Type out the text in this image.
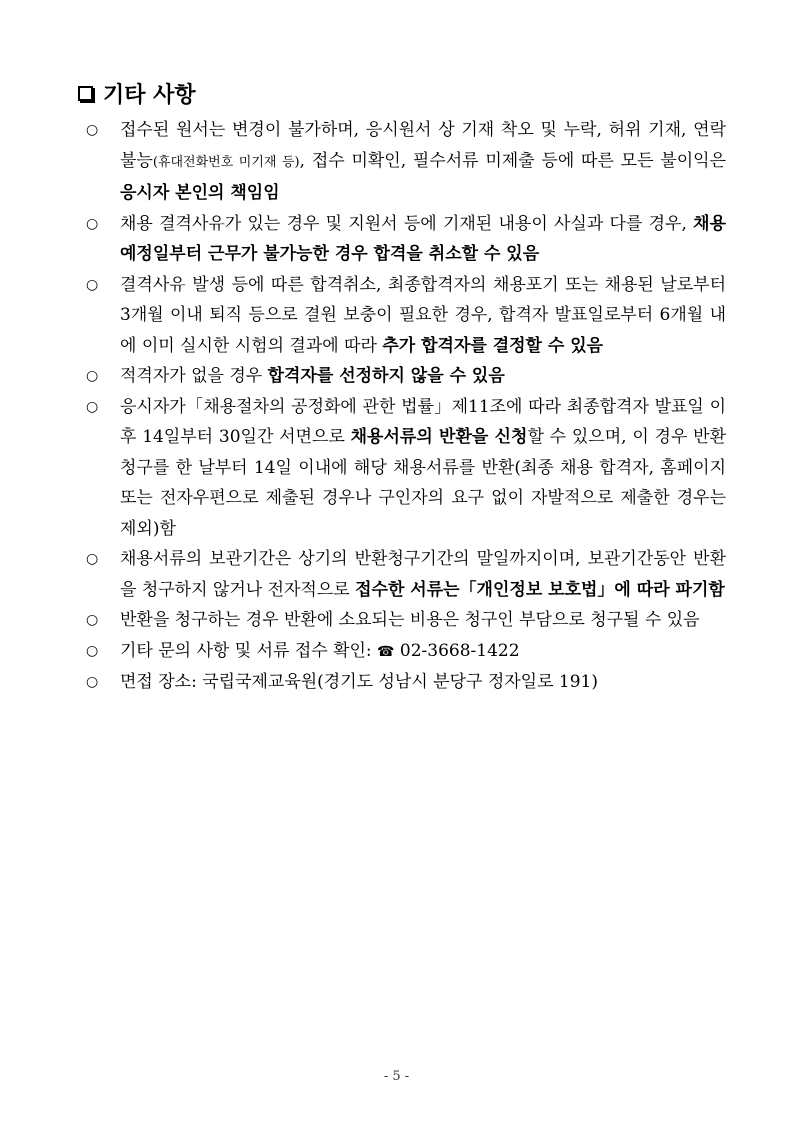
기타 사항
○	접수된 원서는 변경이 불가하며, 응시원서 상 기재 착오 및 누락, 허위 기재, 연락 불능(휴대전화번호 미기재 등), 접수 미확인, 필수서류 미제출 등에 따른 모든 불이익은 응시자 본인의 책임임
○	채용 결격사유가 있는 경우 및 지원서 등에 기재된 내용이 사실과 다를 경우, 채용예정일부터 근무가 불가능한 경우 합격을 취소할 수 있음
○	결격사유 발생 등에 따른 합격취소, 최종합격자의 채용포기 또는 채용된 날로부터 3개월 이내 퇴직 등으로 결원 보충이 필요한 경우, 합격자 발표일로부터 6개월 내에 이미 실시한 시험의 결과에 따라 추가 합격자를 결정할 수 있음
○	적격자가 없을 경우 합격자를 선정하지 않을 수 있음
○	응시자가「채용절차의 공정화에 관한 법률」제11조에 따라 최종합격자 발표일 이후 14일부터 30일간 서면으로 채용서류의 반환을 신청할 수 있으며, 이 경우 반환 청구를 한 날부터 14일 이내에 해당 채용서류를 반환(최종 채용 합격자, 홈페이지 또는 전자우편으로 제출된 경우나 구인자의 요구 없이 자발적으로 제출한 경우는 제외)함
○	채용서류의 보관기간은 상기의 반환청구기간의 말일까지이며, 보관기간동안 반환을 청구하지 않거나 전자적으로 접수한 서류는「개인정보 보호법」에 따라 파기함
○	반환을 청구하는 경우 반환에 소요되는 비용은 청구인 부담으로 청구될 수 있음
○	기타 문의 사항 및 서류 접수 확인: ☎ 02-3668-1422
○	면접 장소: 국립국제교육원(경기도 성남시 분당구 정자일로 191)
- 5 -
